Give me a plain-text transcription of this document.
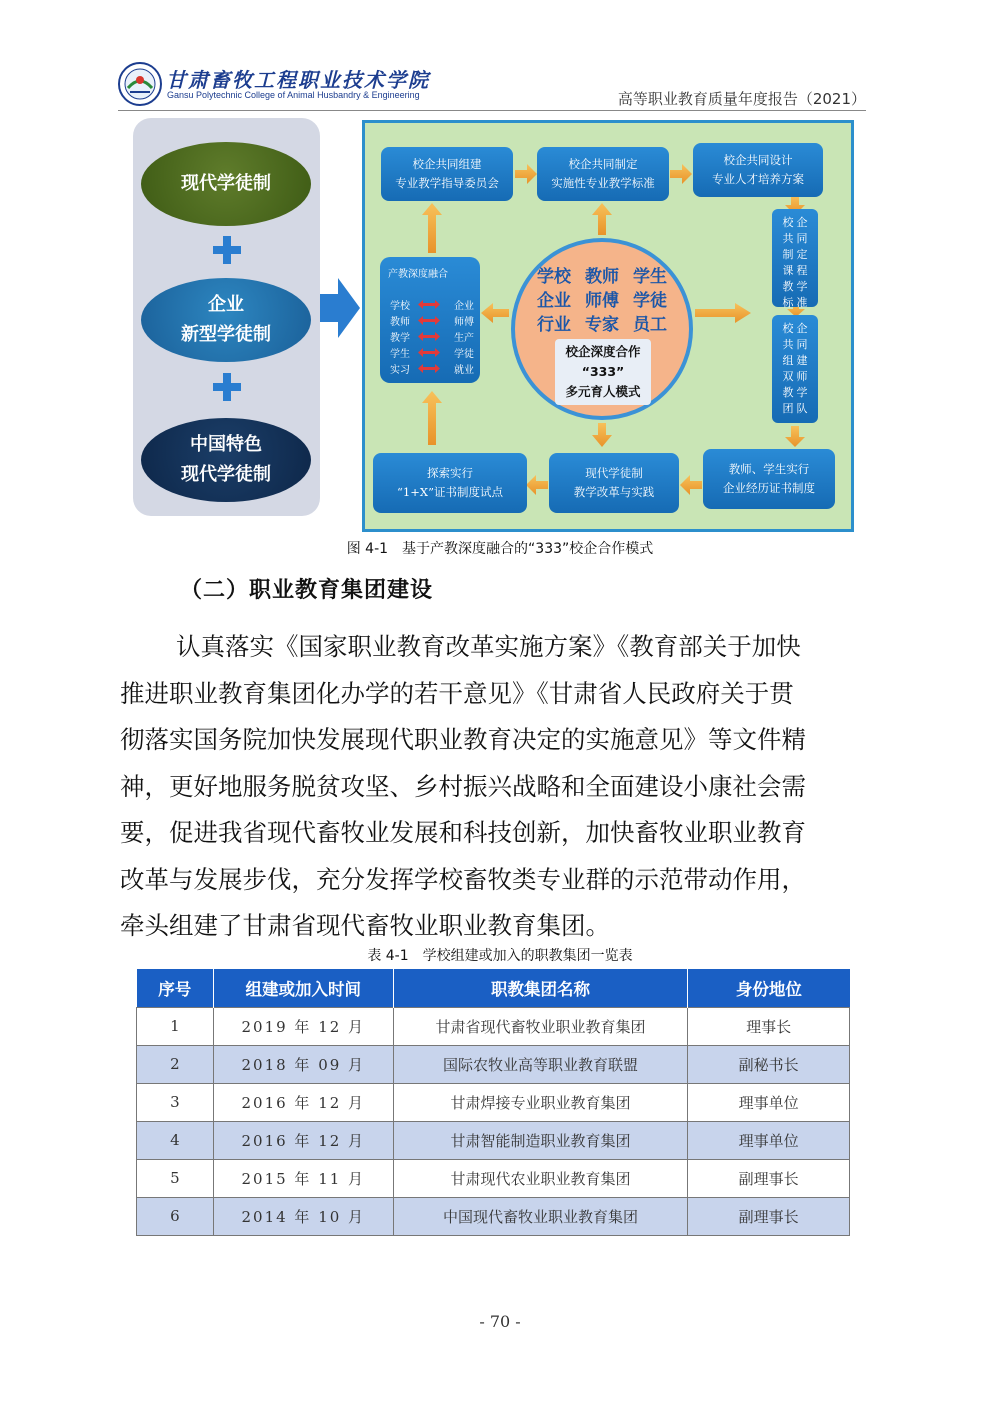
甘肃畜牧工程职业技术学院
Gansu Polytechnic College of Animal Husbandry & Engineering	高等职业教育质量年度报告（2021）
现代学徒制
企业
新型学徒制
中国特色
现代学徒制
校企共同组建
专业教学指导委员会
校企共同制定
实施性专业教学标准
校企共同设计
专业人才培养方案
校
共
制
课
教
标
企
同
定
程
学
准
校
共
组
双
教
团
企
同
建
师
学
队
探索实行
“1+X”证书制度试点
现代学徒制
教学改革与实践
教师、学生实行
企业经历证书制度
产教深度融合
学校	企业
教师	师傅
教学	生产
学生	学徒
实习	就业
学校 教师 学生
企业 师傅 学徒
行业 专家 员工
校企深度合作
“333”
多元育人模式
图 4-1　基于产教深度融合的“333”校企合作模式
（二）职业教育集团建设
认真落实《国家职业教育改革实施方案》《教育部关于加快
推进职业教育集团化办学的若干意见》《甘肃省人民政府关于贯
彻落实国务院加快发展现代职业教育决定的实施意见》等文件精
神，更好地服务脱贫攻坚、乡村振兴战略和全面建设小康社会需
要，促进我省现代畜牧业发展和科技创新，加快畜牧业职业教育
改革与发展步伐，充分发挥学校畜牧类专业群的示范带动作用，
牵头组建了甘肃省现代畜牧业职业教育集团。
表 4-1　学校组建或加入的职教集团一览表
序号	组建或加入时间	职教集团名称	身份地位
1	2019 年 12 月	甘肃省现代畜牧业职业教育集团	理事长
2	2018 年 09 月	国际农牧业高等职业教育联盟	副秘书长
3	2016 年 12 月	甘肃焊接专业职业教育集团	理事单位
4	2016 年 12 月	甘肃智能制造职业教育集团	理事单位
5	2015 年 11 月	甘肃现代农业职业教育集团	副理事长
6	2014 年 10 月	中国现代畜牧业职业教育集团	副理事长
- 70 -
